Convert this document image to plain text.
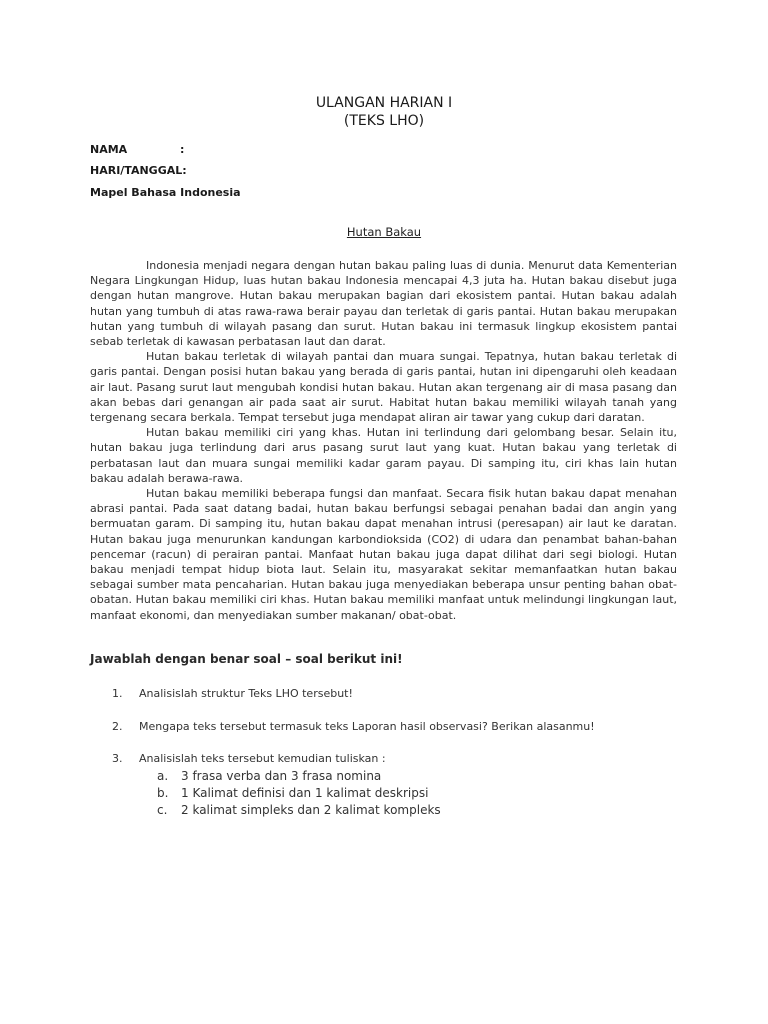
ULANGAN HARIAN I
(TEKS LHO)
NAMA	:
HARI/TANGGAL:
Mapel Bahasa Indonesia
Hutan Bakau

Indonesia menjadi negara dengan hutan bakau paling luas di dunia. Menurut data Kementerian Negara Lingkungan Hidup, luas hutan bakau Indonesia mencapai 4,3 juta ha. Hutan bakau disebut juga dengan hutan mangrove. Hutan bakau merupakan bagian dari ekosistem pantai. Hutan bakau adalah hutan yang tumbuh di atas rawa-rawa berair payau dan terletak di garis pantai. Hutan bakau merupakan hutan yang tumbuh di wilayah pasang dan surut. Hutan bakau ini termasuk lingkup ekosistem pantai sebab terletak di kawasan perbatasan laut dan darat.

Hutan bakau terletak di wilayah pantai dan muara sungai. Tepatnya, hutan bakau terletak di garis pantai. Dengan posisi hutan bakau yang berada di garis pantai, hutan ini dipengaruhi oleh keadaan air laut. Pasang surut laut mengubah kondisi hutan bakau. Hutan akan tergenang air di masa pasang dan akan bebas dari genangan air pada saat air surut. Habitat hutan bakau memiliki wilayah tanah yang tergenang secara berkala. Tempat tersebut juga mendapat aliran air tawar yang cukup dari daratan.

Hutan bakau memiliki ciri yang khas. Hutan ini terlindung dari gelombang besar. Selain itu, hutan bakau juga terlindung dari arus pasang surut laut yang kuat. Hutan bakau yang terletak di perbatasan laut dan muara sungai memiliki kadar garam payau. Di samping itu, ciri khas lain hutan bakau adalah berawa-rawa.

Hutan bakau memiliki beberapa fungsi dan manfaat. Secara fisik hutan bakau dapat menahan abrasi pantai. Pada saat datang badai, hutan bakau berfungsi sebagai penahan badai dan angin yang bermuatan garam. Di samping itu, hutan bakau dapat menahan intrusi (peresapan) air laut ke daratan. Hutan bakau juga menurunkan kandungan karbondioksida (CO2) di udara dan penambat bahan-bahan pencemar (racun) di perairan pantai. Manfaat hutan bakau juga dapat dilihat dari segi biologi. Hutan bakau menjadi tempat hidup biota laut. Selain itu, masyarakat sekitar memanfaatkan hutan bakau sebagai sumber mata pencaharian. Hutan bakau juga menyediakan beberapa unsur penting bahan obat-obatan. Hutan bakau memiliki ciri khas. Hutan bakau memiliki manfaat untuk melindungi lingkungan laut, manfaat ekonomi, dan menyediakan sumber makanan/ obat-obat.

Jawablah dengan benar soal – soal berikut ini!
1. Analisislah struktur Teks LHO tersebut!
2. Mengapa teks tersebut termasuk teks Laporan hasil observasi? Berikan alasanmu!
3. Analisislah teks tersebut kemudian tuliskan :
a. 3 frasa verba dan 3 frasa nomina
b. 1 Kalimat definisi dan 1 kalimat deskripsi
c. 2 kalimat simpleks dan 2 kalimat kompleks
